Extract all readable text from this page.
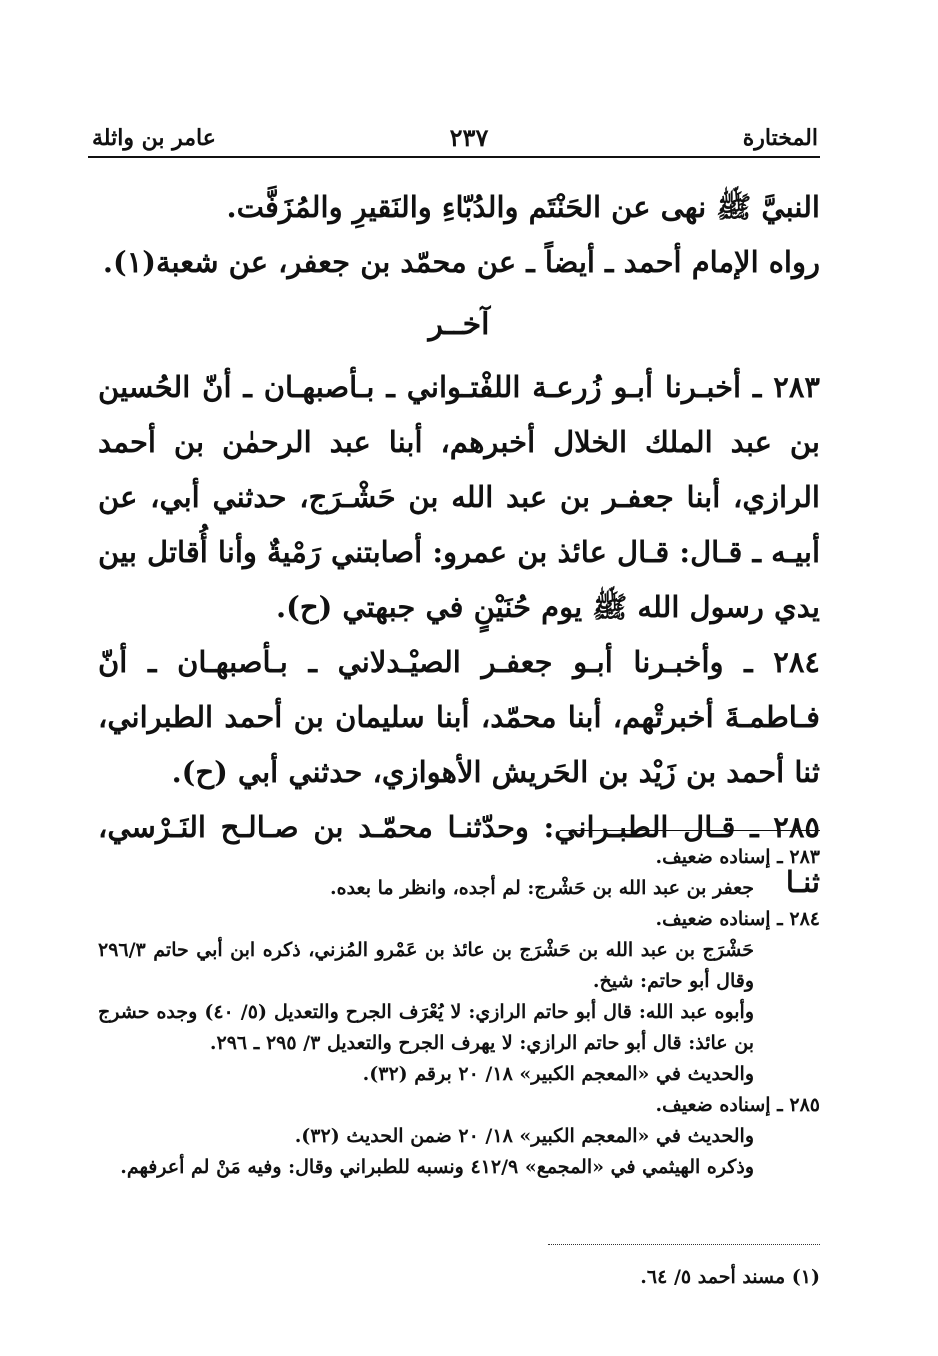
المختارة
٢٣٧
عامر بن واثلة

النبيَّ ﷺ نهى عن الحَنْتَم والدُبّاءِ والنَقيرِ والمُزَفَّت.

رواه الإمام أحمد ـ أيضاً ـ عن محمّد بن جعفر، عن شعبة(١).

آخــر

٢٨٣ ـ أخبـرنا أبـو زُرعـة اللفْتـواني ـ بـأصبهـان ـ أنّ الحُسين بن عبد الملك الخلال أخبرهم، أبنا عبد الرحمٰن بن أحمد الرازي، أبنا جعفـر بن عبد الله بن حَشْـرَج، حدثني أبي، عن أبيـه ـ قـال: قـال عائذ بن عمرو: أصابتني رَمْيةٌ وأنا أُقاتل بين يدي رسول الله ﷺ يوم حُنَيْنٍ في جبهتي (ح).

٢٨٤ ـ وأخبـرنا أبـو جعفـر الصيْـدلاني ـ بـأصبهـان ـ أنّ فـاطمـةَ أخبرتْهم، أبنا محمّد، أبنا سليمان بن أحمد الطبراني، ثنا أحمد بن زَيْد بن الحَريش الأهوازي، حدثني أبي (ح).

٢٨٥ ـ قـال الطبـراني: وحدّثنـا محمّـد بن صـالـح النَـرْسي، ثنـا

٢٨٣ ـ إسناده ضعيف.

جعفر بن عبد الله بن حَشْرج: لم أجده، وانظر ما بعده.

٢٨٤ ـ إسناده ضعيف.

حَشْرَج بن عبد الله بن حَشْرَج بن عائذ بن عَمْرو المُزني، ذكره ابن أبي حاتم ٢٩٦/٣ وقال أبو حاتم: شيخ.

وأبوه عبد الله: قال أبو حاتم الرازي: لا يُعْرَف الجرح والتعديل (٥/ ٤٠) وجده حشرج بن عائذ: قال أبو حاتم الرازي: لا يهرف الجرح والتعديل ٣/ ٢٩٥ ـ ٢٩٦.

والحديث في «المعجم الكبير» ١٨/ ٢٠ برقم (٣٢).

٢٨٥ ـ إسناده ضعيف.

والحديث في «المعجم الكبير» ١٨/ ٢٠ ضمن الحديث (٣٢).

وذكره الهيثمي في «المجمع» ٤١٢/٩ ونسبه للطبراني وقال: وفيه مَنْ لم أعرفهم.

(١) مسند أحمد ٥/ ٦٤.
